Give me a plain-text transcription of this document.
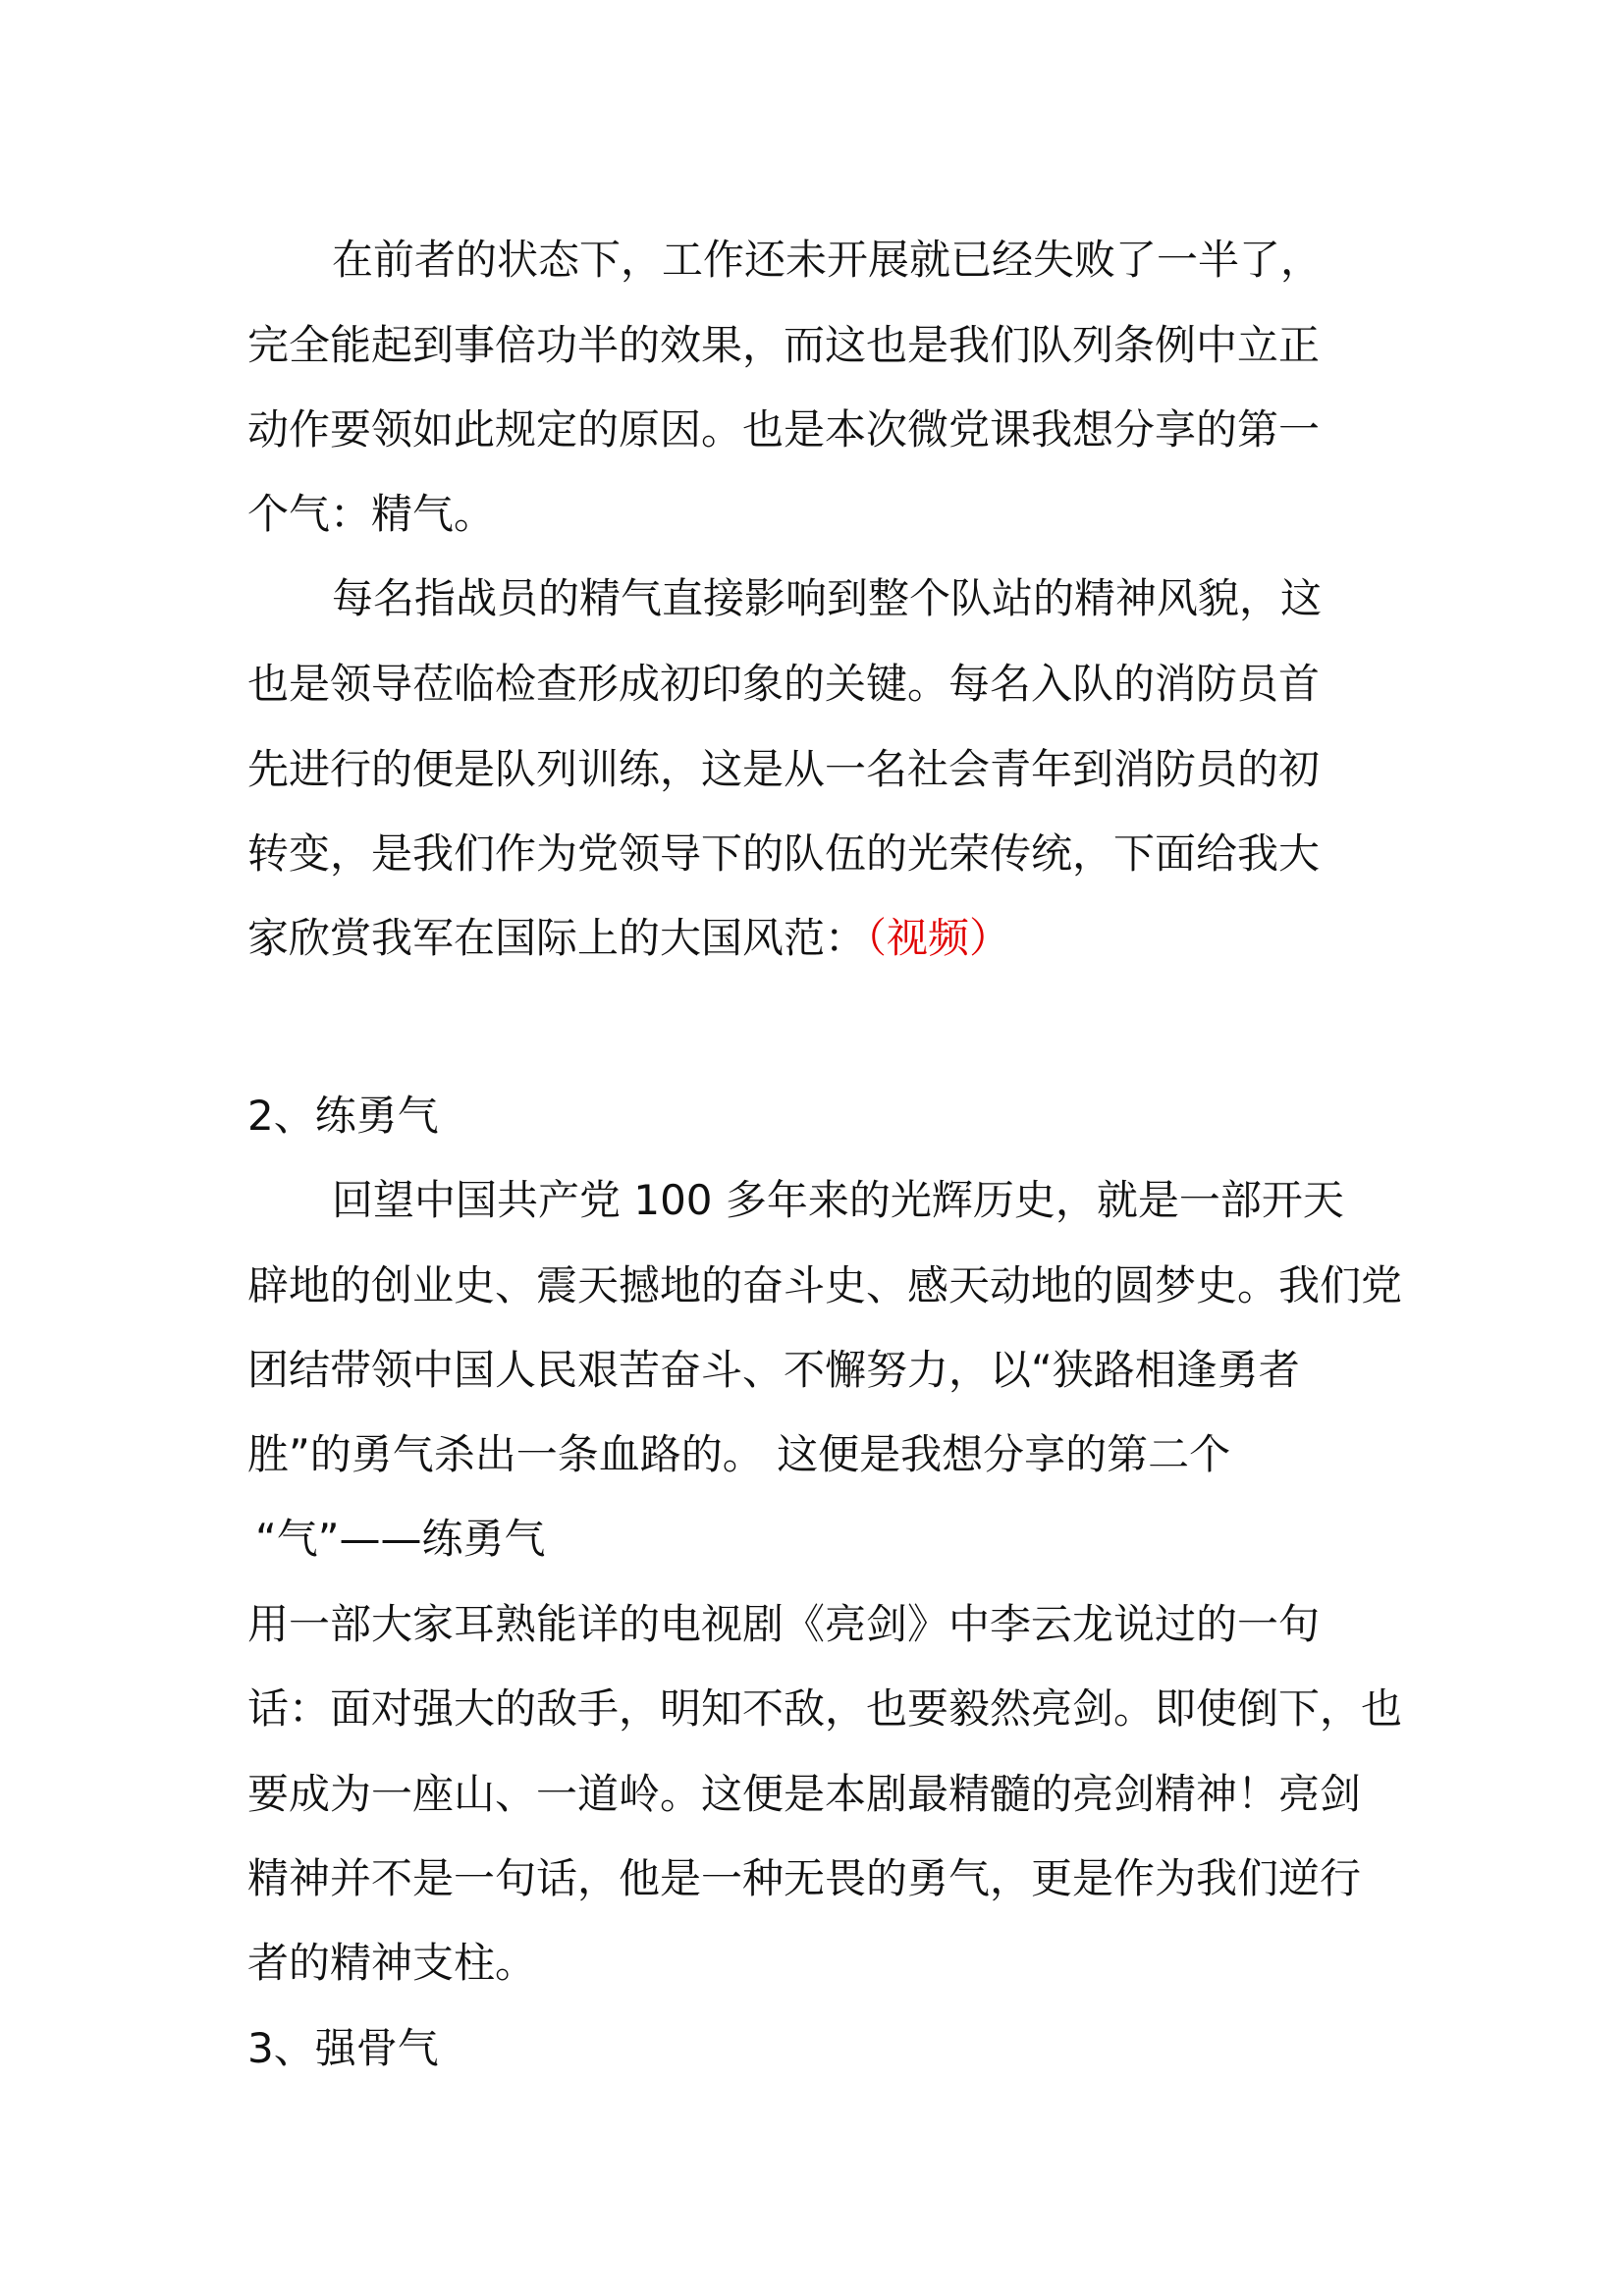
在前者的状态下，工作还未开展就已经失败了一半了，
完全能起到事倍功半的效果，而这也是我们队列条例中立正
动作要领如此规定的原因。也是本次微党课我想分享的第一
个气：精气。
每名指战员的精气直接影响到整个队站的精神风貌，这
也是领导莅临检查形成初印象的关键。每名入队的消防员首
先进行的便是队列训练，这是从一名社会青年到消防员的初
转变，是我们作为党领导下的队伍的光荣传统，下面给我大
家欣赏我军在国际上的大国风范：（视频）
2、练勇气
回望中国共产党 100 多年来的光辉历史，就是一部开天
辟地的创业史、震天撼地的奋斗史、感天动地的圆梦史。我们党
团结带领中国人民艰苦奋斗、不懈努力，以“狭路相逢勇者
胜”的勇气杀出一条血路的。 这便是我想分享的第二个
“气”——练勇气
用一部大家耳熟能详的电视剧《亮剑》中李云龙说过的一句
话：面对强大的敌手，明知不敌，也要毅然亮剑。即使倒下，也
要成为一座山、一道岭。这便是本剧最精髓的亮剑精神！亮剑
精神并不是一句话，他是一种无畏的勇气，更是作为我们逆行
者的精神支柱。
3、强骨气
